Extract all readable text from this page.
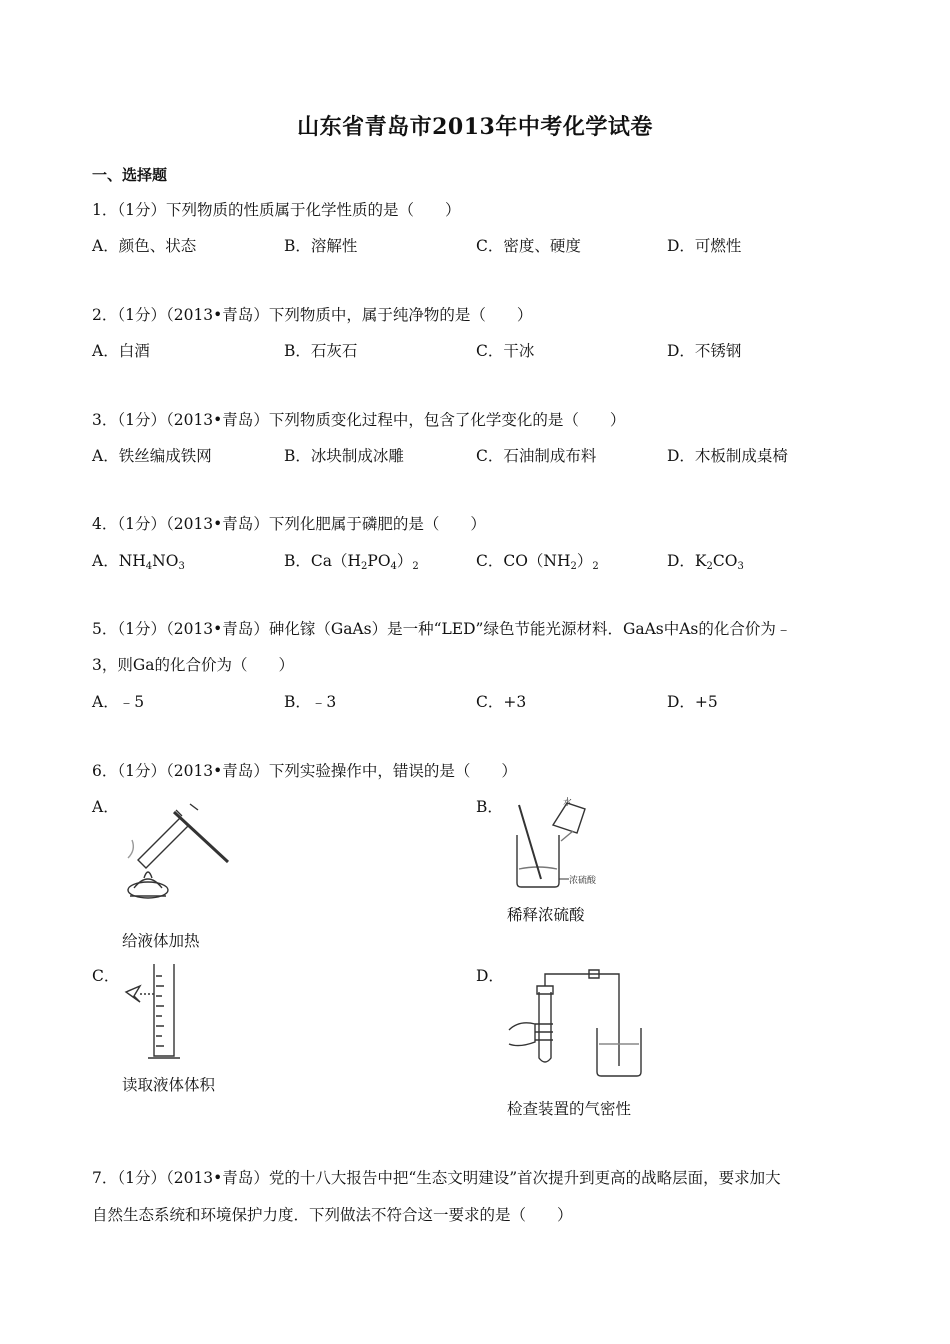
山东省青岛市2013年中考化学试卷
一、选择题
1．（1分）下列物质的性质属于化学性质的是（　　）
A．颜色、状态	B．溶解性	C．密度、硬度	D．可燃性
2．（1分）（2013•青岛）下列物质中，属于纯净物的是（　　）
A．白酒	B．石灰石	C．干冰	D．不锈钢
3．（1分）（2013•青岛）下列物质变化过程中，包含了化学变化的是（　　）
A．铁丝编成铁网	B．冰块制成冰雕	C．石油制成布料	D．木板制成桌椅
4．（1分）（2013•青岛）下列化肥属于磷肥的是（　　）
A．$NH_4NO_3$	B．$Ca(H_2PO_4)_2$	C．$CO(NH_2)_2$	D．$K_2CO_3$
5．（1分）（2013•青岛）砷化镓（GaAs）是一种“LED”绿色节能光源材料．GaAs中As的化合价为﹣
3，则Ga的化合价为（　　）
A．﹣5	B．﹣3	C．+3	D．+5
6．（1分）（2013•青岛）下列实验操作中，错误的是（　　）
A．
给液体加热
B．	水
浓硫酸
稀释浓硫酸
C．
读取液体体积
D．
检查装置的气密性
7．（1分）（2013•青岛）党的十八大报告中把“生态文明建设”首次提升到更高的战略层面，要求加大
自然生态系统和环境保护力度．下列做法不符合这一要求的是（　　）
